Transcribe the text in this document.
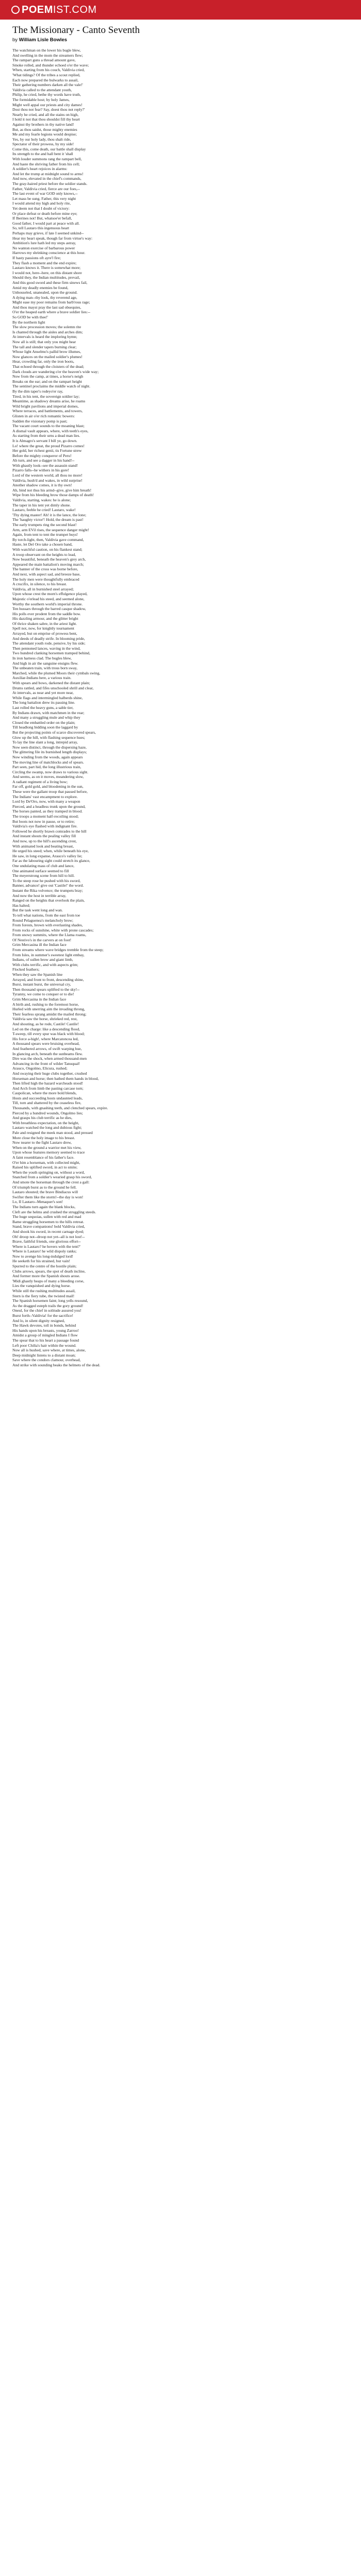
POEMIST.COM
The Missionary - Canto Seventh
by William Lisle Bowles
The watchman on the lower his bugle blew,
And swelling in the mom the streamers flew;
The rampart guns a thread amount gave,
Smoke rolled, and thunder echoed o'er the wave;
When, starting from his couch, Valdivia cried,
'What tidings? Of the tribes a scout replied,
Each now prepared the bulwarks to assail,
Their gathering numbers darken all the vale!'
Valdivia called to the attendant youth,
Philip, he cried, bethe thy words have truth,
The formidable host; by holy James,
Might well appal our priests and city dames!
Dost thou not fear? Say, doest thou not reply?'
Nearly he cried, and all the stains on high,
I hold it not that thou shouldst fill thy heart
Against thy brothers in thy native land!
But, as thou saidst, those mighty enemies
Me and my fearle legions would despise;
Yes, by our holy lady, thou shalt ride,
Spectator of their prowess, by my side!
Come this, come death, our battle shall display
Its strength to the and hall bent it 'shall
With louder summons rang the rampart bell,
And haste the shriving father from his cell;
A soldier's heart rejoices in alarms:
And let the trump at midnight sound to arms!
And now, elevated in the chief's commands,
The gray-haired priest before the soldier stands.
Father, Valdivia cried, fierce are our foes,--
The last event of war GOD only knows,--
Let mass be sung. Father, this very night
I would attend my high and holy rite,
Yet deem not that I doubt of victory:
Or place defeat or death before mine eye;
If Iberines not! But, whatsoe'er befall,
Good father, I would part at peace with all.
So, tell Lautaro this ingenuous heart
Perhaps may grieve, if late I seemed unkind--
Hear my heart speak, though far from virtue's way:
Ambition's lure hath led my steps astray,
No wanton exercise of barbarous power
Harrows my shrinking conscience at this hour.
If hasty passions oft ayre'l fire;
They flash a moment and the end expire;
Lautaro knows it. There is somewhat more;
I would not, here--here, on this distant shore
Should they, the Indian multitudes, prevail,
And this good sword and these firm sinews fail,
Amid my deadly enemies be found,
Unhouseled, unanealed, upon the ground.
A dying man--thy look, thy reverend age,
Might ease my poor remains from barb'rous rage;
And thou mayst pray the last sad obsequies,
O'er the heaped earth where a brave soldier lies:--
So GOD be with thee!'
By the northern light
The slow procession moves; the solemn rite
Is chanted through the aisles and arches dim;
At intervals is heard the imploring hymn;
Now all is still; that only you might hear
The tall and slender tapers burning clear;
Whose light Anselmo's pallid brow illumes,
Now glances on the mailed soldier's plumes!
Hear, crowding far, only the iron boots,
That echoed through the cloisters of the dead;
Dark clouds are wandering o'er the heaven's wide way;
Now from the camp, at times, a horse's neigh
Breaks on the ear; and on the rampart height
The sentinel proclaims the middle watch of night.
By the dim taper's rodeyo'er ray,
Tired, in his tent, the sovereign soldier lay;
Meantime, as shadowy dreams arise, he roams
Wild bright pavilions and imperial domes,
Where terraces, and battlements, and towers,
Glisten in air o'er rich romantic bowers:
Sudden the visionary pomp is past;
The vacant court sounds to the moaning blast;
A dismal vault appears, where, with teeth's eyes,
As starting from their urns a dead man lies.
It is Almagro's servant I bill ye, go down.
Lo! where the great, the proud Pizarro comes!
Her gold, her richest genii, tis Fortune strew
Before the mighty conqueror of Peru!
Ah turn, and see a dagger in his hand!--
With ghastly look--see the assassin stand!
Pizarro falls--he withers in his gore!
Lord of the western world, all thou no more!
Valdivia, hush'd and wakes, in wild surprise!
Another shadow comes, it is thy own!
Ah, bind not thus his armd--give, give him breath!
Wipe from his bleeding brow those damps of death!
Valdivia, starting, wakes: he is alone;
The taper in his tent yet dimly shone.
Lautaro, feeble he cried! Lautaro, wake!
'Thy dying master! Ah! it is the lance, the lone;
The 'haughty victor'! Hold, the dream is past!
The early trumpets ring the second blast!
Arm, arm EVil rises, the sequence danger might!
Again, from tent to tent the trumpet buys!
By torch-light, then, Valdivia gave command,
Haste, let Del Oro take a chosen band,
With watchful caution, on his flankest stand;
A troop observant on the heights to lead,
Now beautiful, beneath the heaven's grey arch,
Appeared the main battalion's moving march;
The banner of the cross was borne before,
And next, with aspect sad, and breeze base,
The holy men were thoughtfully embraced
A crucifix, in silence, to his breast.
Valdivia, all in burnished steel arrayed;
Upon whose crest the morn's effulgence played,
Majestic o'erlead his steed, and seemed alone,
Worthy the southern world's imperial throne.
Ten hussars through the barred casque shadow,
His polls ever prodent from the saddle bow.
His dazzling armour, and the glitter bright
Of thrice shaken sabre, in the ariest light.
Spell not, now, for knightly tournament
Arrayed, but on emprise of prowess bent,
And deeds of deadly strife. In blooming pride,
The attendant youth rode, pensive, by his side;
Then pennoned lances, waving in the wind,
Two hundred clanking horsemen tramped behind,
In iron harness clad. The bugles blew,
And high in air the sanguine ensigns flew.
The unbeaten train, with trous born sway,
Marched, while the plumed Moors their cymbals swing,
Auxiliar-Indians here, a various train.
With spears and bows, darkened the distant plain;
Drums rattled, and fifes unschooled shrill and clear,
At intervals, as near and yet more near,
While flags and intermingled halberds shine,
The long battalion drew its passing line.
Last rolled the heavy guns, a sable tier,
By Indians drawn, with matchmen in the rear;
And many a struggling mule and whip they
Closed the embattled order on the plain;
Till headlong bidding soon the laggard by
But the projecting points of scarce discovered spears,
Glow up the hill, with flashing sequence hues;
To lay the line slant a long, intrepid array,
Now seen distinct, through the dispersing haze,
The glittering file its burnished length displays;
Now winding from the woods, again appears
The moving line of matchlocks and of spears.
Part seen, part hid, the long illustrious train,
Circling the swamp, now draws to various sight.
And seems, as on it moves, meandering slow,
A radiant regiment of a living bow;
Far off, gold gold, and bloodening in the sun,
These were the gallant troop that paused before,
The Indians' vast encampment to explore.
Lord by De'Oro, now, with many a weapon
Pierced, and a headless trunk upon the ground,
The horses panted, as they tramped in blood.
The troops a moment half-recoiling stood;
But boots not now in pause, or to retire;
Valdivia's eye flashed with indignant fire.
Followed he shortly brawn comrades to the hill
And instant shouts the pealing valley fill
And now, up to the hill's ascending crest,
With animated look and beating breast,
He urged his steed; when, while beneath his eye,
He saw, in long expanse, Arauco's valley lie;
Far as the labouring sight could stretch its glance,
One undulating mass of club and lance,
One animated surface seemed to fill
The meyerstrong scene from hill to hill.
To the steep rose he pushed with his sword,
Banner, advance! give out 'Castile!' the word.
Instant the Rika volvence; the trumpets bray;
And now the host in terrible array,
Ranged on the heights that overlook the plain,
Has halted;
But the task went long and wan.
To tell what nations, from the east from toe
Round Pelaguenea's melancholy brow;
From forests, brown with everlasting shades,
From rocks of sunshine, white with prone cascades;
From snowy summits, where the Llama roams,
Of Nestivo's in the carvers at on foot!
Grim Mercasina ill the Indian face
From streams where wave bridges tremble from the steep;
From Isles, in summer's sweetest light embay,
Indians, of sullen brow and giant limb,
With clubs terrific, and with aspects grim;
Flocked feathers;
When they saw the Spanish line
Arrayed, and front to front, descending shine,
Burst, instant burst, the universal cry,
Then thousand spears uplifted to the sky!--
Tyranny, we come to conquer or to die!
Grim Mercasina in the Indian face
A birth and, rushing to the foremost horse,
Hurled with unerring aim the invading throng,
Their fearless sprang amidst the mailed throng;
Valdivia saw the horse, shrieked red, rest,
And shouting, as he rode, Castile! Castile!
Led on the charge: like a descending flood,
T-sweep, till every spur was black with blood;
His force a-high!, where Marcatoncea led,
A thousand spears were bruising overhead,
And feathered arrows, of swift warping hue,
In glancing arch, beneath the sunbeams flew.
Dire was the shock, when armed thousand-men
Advancing in the front of wilder Tanuqual!
Arauco, Ongolmo, Elicura, rushed;
And swaying their huge clubs together, crushed
Horseman and horse; then bathed them hands in blood,
Then lifted high the hazard warcheads stood!
And Arch from limb the pasting carcase torn;
Caupolican, where the more bold blends,
Hosts and succeeding hosts undaunted leads,
Till, torn and shattered by the ceaseless fire,
Thousands, with gnashing teeth, and clenched spears, expire.
Pierced by a hundred wounds, Ongolmo lies;
And grasps his club terrific as he dies,
With breathless expectation, on the height,
Lautaro watched the long and dubious fight;
Pale and resigned the meek man stood, and pressed
More close the holy image to his breast.
Now nearer to the fight Lautaro drew,
When on the ground a warrior met his view,
Upon whose features memory seemed to trace
A faint resemblance of his father's face.
O'er him a horseman, with collected might,
Raised his uplifted sword, in act to smite;
When the youth springing on, without a word,
Snatched from a soldier's wearied grasp his sword,
And smote the horseman through the crest a gall:
Of triumph burst as to the ground he fell.
Lautaro shouted; the brave Bindiacus will
Swifter them like the storm!--the day is won!
Lo, II Lautaro--Menaquer's son!
The Indians turn again the blank blocks,
Cleft are the helms and crushed the struggling steeds.
The huge sequoias, sullen with red and mad
Bame struggling horsemen to the hills retreat.
Stand, brave companions! bold Valdivia cried,
And shook his sword, in recent carnage dyed;
Oh! droop not--droop not yet--all is not lost!--
Brave, faithful friends, one glorious effort--
Where is Lautaro? he hovers with the tent?'
Where is Lautaro! he wild dispoly ranks;
Now to avenge his long-indulged lord!
He seeketh for his strained, but vain!
Spurred to the centre of the hostile plain;
Clubs arrows, spears, the spot of death incline,
And former more the Spanish shouts arose.
'Midi ghastly heaps of many a bleeding corse,
Lies the vanquished and dying horse.
While still the rushing multitudes assail,
Stern is the fiery tube, the twisted mail!
The Spanish horsemen faint; long yells resound,
As the dragged esteph trails the gory ground!
Oneul, for the chief in solitude assured you!
Burst forth--Valdivia! for the sacrifice!
And lo, in silent dignity resigned,
The Hawk devotes, toll in bonds, behind
His hands upon his breasts, young Zarroo!
Amidst a group of mingled Indians I flow
The spear that to his heart a passage found
Left poor Chilia's hair within the wound.
Now all is hushed, save where, at times, alone,
Deep midnight listens to a distant moan;
Save where the condors clamour, overhead,
And strike with sounding beaks the helmets of the dead.
